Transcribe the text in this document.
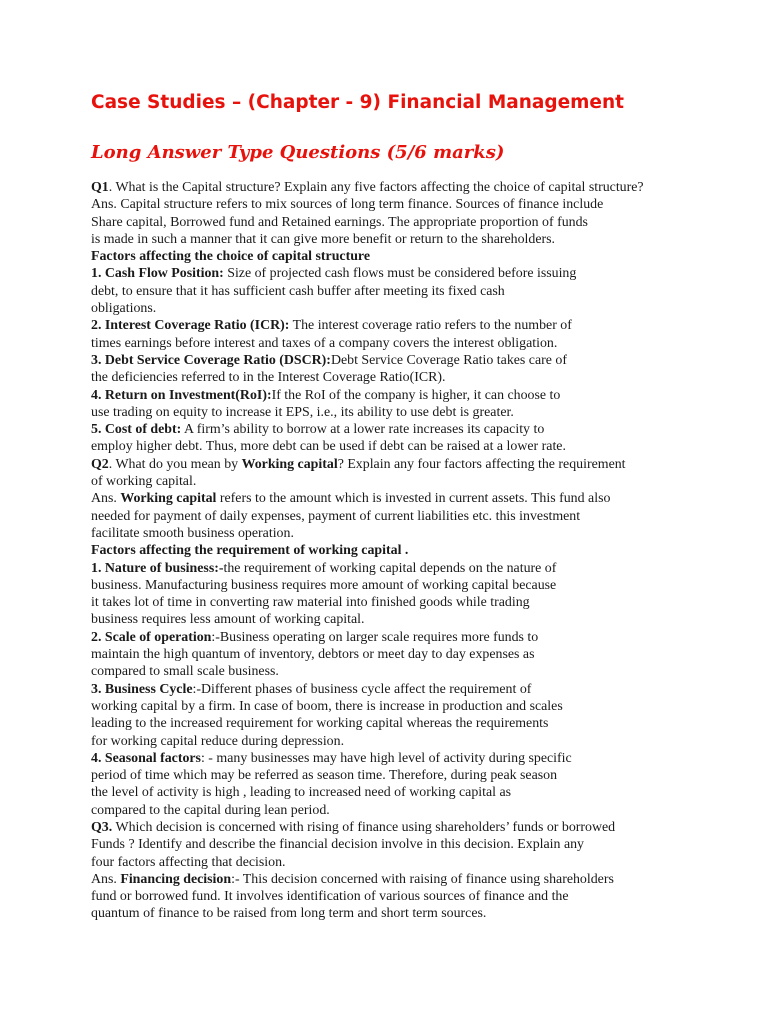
Case Studies – (Chapter - 9) Financial Management
Long Answer Type Questions (5/6 marks)
Q1. What is the Capital structure? Explain any five factors affecting the choice of capital structure?
Ans. Capital structure refers to mix sources of long term finance. Sources of finance include
Share capital, Borrowed fund and Retained earnings. The appropriate proportion of funds
is made in such a manner that it can give more benefit or return to the shareholders.
Factors affecting the choice of capital structure
1. Cash Flow Position: Size of projected cash flows must be considered before issuing
debt, to ensure that it has sufficient cash buffer after meeting its fixed cash
obligations.
2. Interest Coverage Ratio (ICR): The interest coverage ratio refers to the number of
times earnings before interest and taxes of a company covers the interest obligation.
3. Debt Service Coverage Ratio (DSCR):Debt Service Coverage Ratio takes care of
the deficiencies referred to in the Interest Coverage Ratio(ICR).
4. Return on Investment(RoI):If the RoI of the company is higher, it can choose to
use trading on equity to increase it EPS, i.e., its ability to use debt is greater.
5. Cost of debt: A firm’s ability to borrow at a lower rate increases its capacity to
employ higher debt. Thus, more debt can be used if debt can be raised at a lower rate.
Q2. What do you mean by Working capital? Explain any four factors affecting the requirement
of working capital.
Ans. Working capital refers to the amount which is invested in current assets. This fund also
needed for payment of daily expenses, payment of current liabilities etc. this investment
facilitate smooth business operation.
Factors affecting the requirement of working capital .
1. Nature of business:-the requirement of working capital depends on the nature of
business. Manufacturing business requires more amount of working capital because
it takes lot of time in converting raw material into finished goods while trading
business requires less amount of working capital.
2. Scale of operation:-Business operating on larger scale requires more funds to
maintain the high quantum of inventory, debtors or meet day to day expenses as
compared to small scale business.
3. Business Cycle:-Different phases of business cycle affect the requirement of
working capital by a firm. In case of boom, there is increase in production and scales
leading to the increased requirement for working capital whereas the requirements
for working capital reduce during depression.
4. Seasonal factors: - many businesses may have high level of activity during specific
period of time which may be referred as season time. Therefore, during peak season
the level of activity is high , leading to increased need of working capital as
compared to the capital during lean period.
Q3. Which decision is concerned with rising of finance using shareholders’ funds or borrowed
Funds ? Identify and describe the financial decision involve in this decision. Explain any
four factors affecting that decision.
Ans. Financing decision:- This decision concerned with raising of finance using shareholders
fund or borrowed fund. It involves identification of various sources of finance and the
quantum of finance to be raised from long term and short term sources.
